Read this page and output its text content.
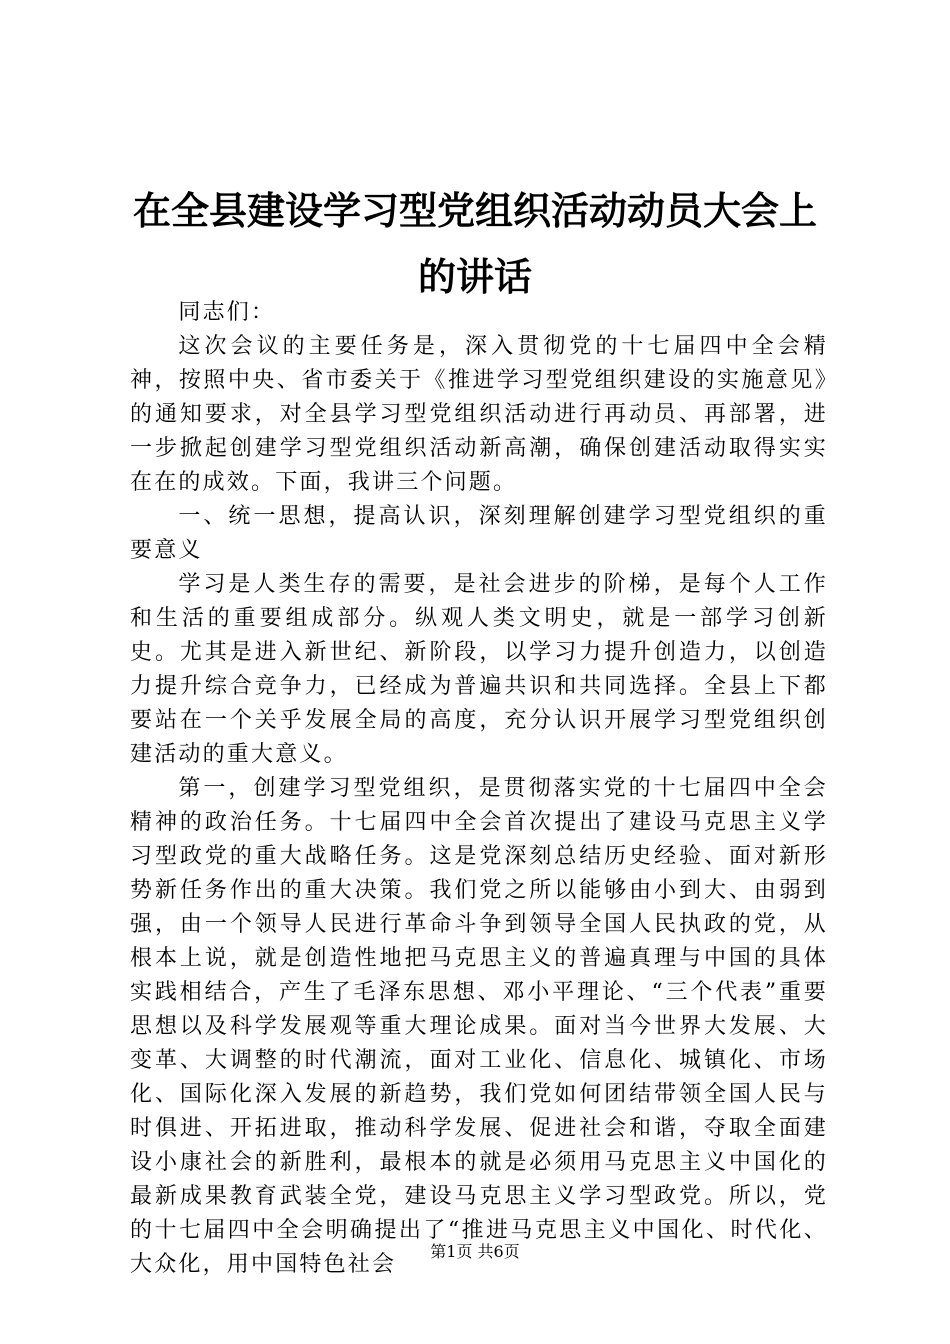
在全县建设学习型党组织活动动员大会上的讲话

同志们：

这次会议的主要任务是，深入贯彻党的十七届四中全会精神，按照中央、省市委关于《推进学习型党组织建设的实施意见》的通知要求，对全县学习型党组织活动进行再动员、再部署，进一步掀起创建学习型党组织活动新高潮，确保创建活动取得实实在在的成效。下面，我讲三个问题。

一、统一思想，提高认识，深刻理解创建学习型党组织的重要意义

学习是人类生存的需要，是社会进步的阶梯，是每个人工作和生活的重要组成部分。纵观人类文明史，就是一部学习创新史。尤其是进入新世纪、新阶段，以学习力提升创造力，以创造力提升综合竞争力，已经成为普遍共识和共同选择。全县上下都要站在一个关乎发展全局的高度，充分认识开展学习型党组织创建活动的重大意义。

第一，创建学习型党组织，是贯彻落实党的十七届四中全会精神的政治任务。十七届四中全会首次提出了建设马克思主义学习型政党的重大战略任务。这是党深刻总结历史经验、面对新形势新任务作出的重大决策。我们党之所以能够由小到大、由弱到强，由一个领导人民进行革命斗争到领导全国人民执政的党，从根本上说，就是创造性地把马克思主义的普遍真理与中国的具体实践相结合，产生了毛泽东思想、邓小平理论、“三个代表”重要思想以及科学发展观等重大理论成果。面对当今世界大发展、大变革、大调整的时代潮流，面对工业化、信息化、城镇化、市场化、国际化深入发展的新趋势，我们党如何团结带领全国人民与时俱进、开拓进取，推动科学发展、促进社会和谐，夺取全面建设小康社会的新胜利，最根本的就是必须用马克思主义中国化的最新成果教育武装全党，建设马克思主义学习型政党。所以，党的十七届四中全会明确提出了“推进马克思主义中国化、时代化、大众化，用中国特色社会

第1页 共6页
